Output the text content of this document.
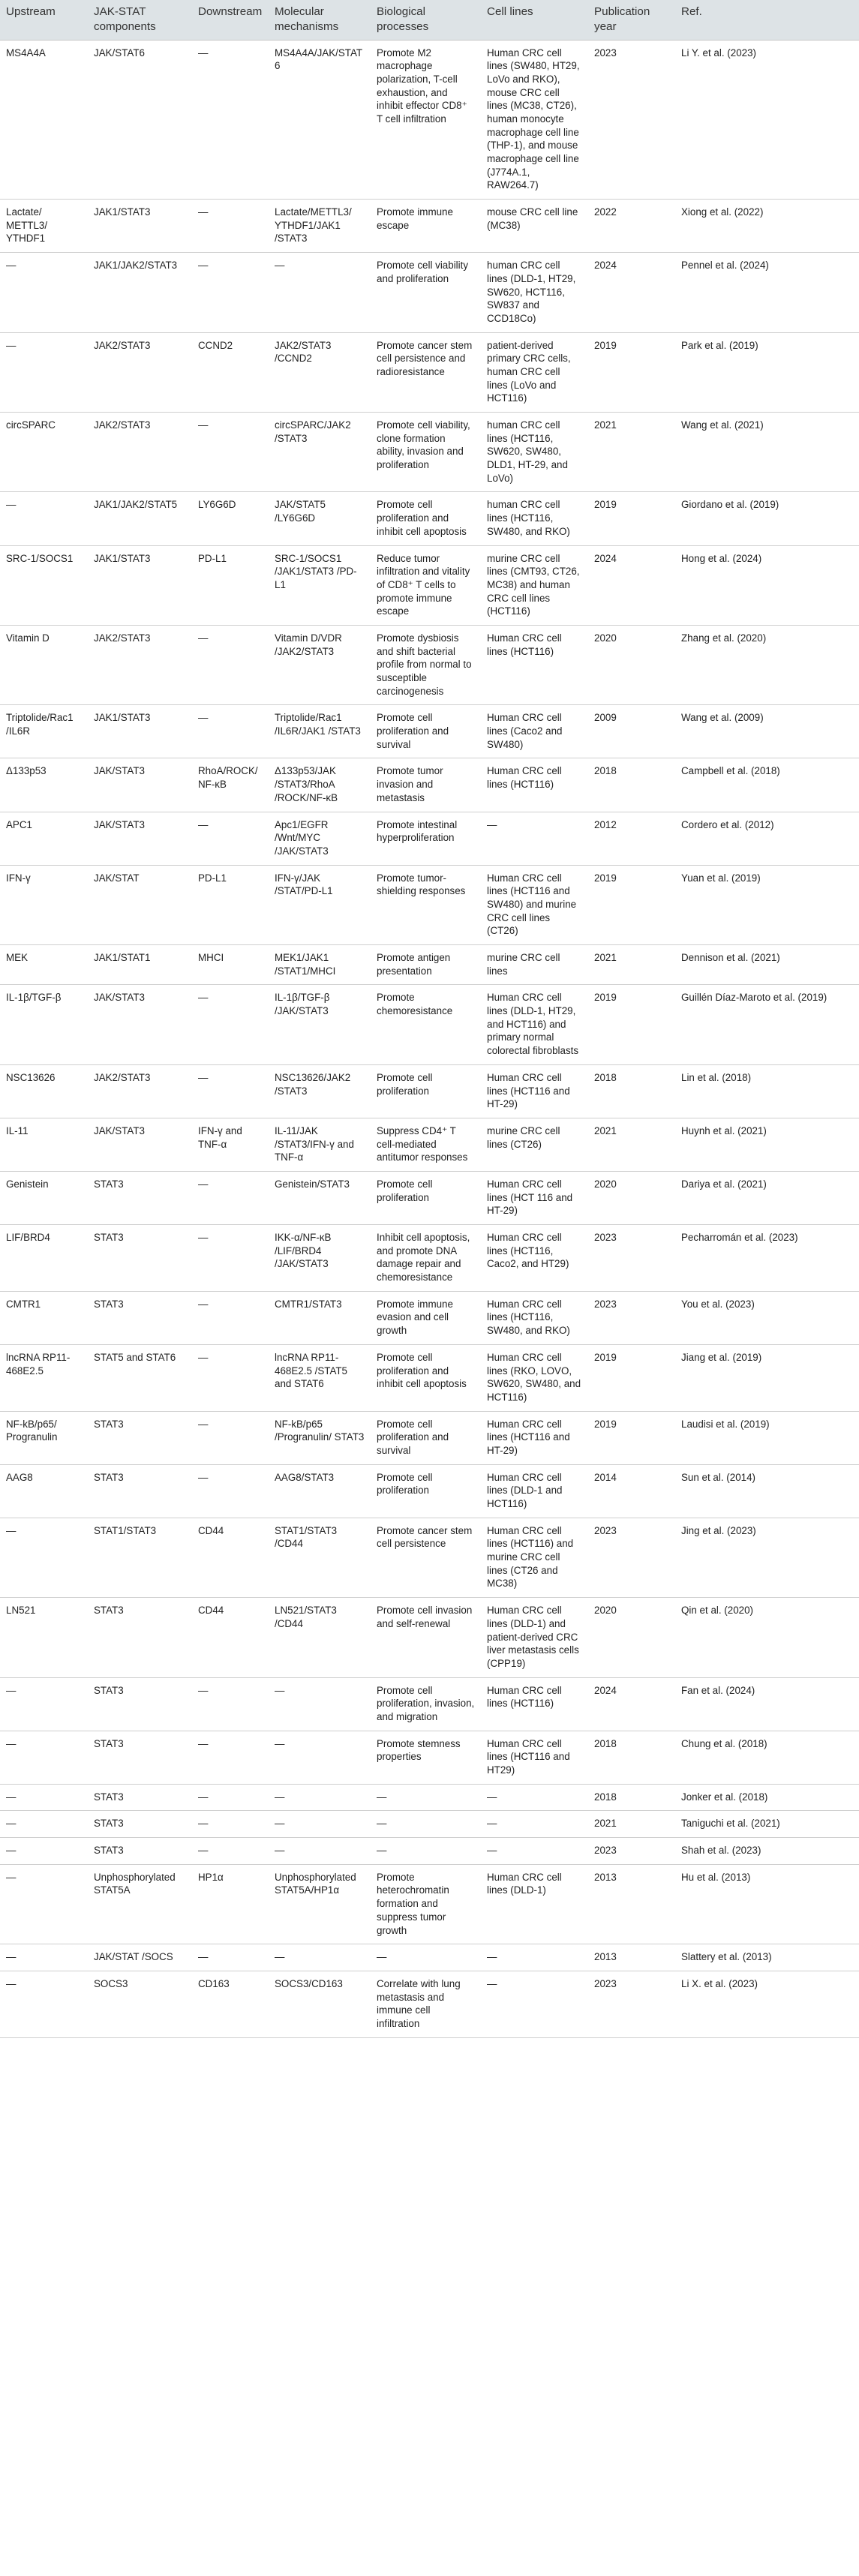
Upstream	JAK-STAT components	Downstream	Molecular mechanisms	Biological processes	Cell lines	Publication year	Ref.
MS4A4A	JAK/STAT6	—	MS4A4A/JAK/STAT6	Promote M2 macrophage polarization, T-cell exhaustion, and inhibit effector CD8⁺ T cell infiltration	Human CRC cell lines (SW480, HT29, LoVo and RKO), mouse CRC cell lines (MC38, CT26), human monocyte macrophage cell line (THP-1), and mouse macrophage cell line (J774A.1, RAW264.7)	2023	Li Y. et al. (2023)
Lactate/ METTL3/ YTHDF1	JAK1/STAT3	—	Lactate/METTL3/ YTHDF1/JAK1 /STAT3	Promote immune escape	mouse CRC cell line (MC38)	2022	Xiong et al. (2022)
—	JAK1/JAK2/STAT3	—	—	Promote cell viability and proliferation	human CRC cell lines (DLD-1, HT29, SW620, HCT116, SW837 and CCD18Co)	2024	Pennel et al. (2024)
—	JAK2/STAT3	CCND2	JAK2/STAT3 /CCND2	Promote cancer stem cell persistence and radioresistance	patient-derived primary CRC cells, human CRC cell lines (LoVo and HCT116)	2019	Park et al. (2019)
circSPARC	JAK2/STAT3	—	circSPARC/JAK2 /STAT3	Promote cell viability, clone formation ability, invasion and proliferation	human CRC cell lines (HCT116, SW620, SW480, DLD1, HT-29, and LoVo)	2021	Wang et al. (2021)
—	JAK1/JAK2/STAT5	LY6G6D	JAK/STAT5 /LY6G6D	Promote cell proliferation and inhibit cell apoptosis	human CRC cell lines (HCT116, SW480, and RKO)	2019	Giordano et al. (2019)
SRC-1/SOCS1	JAK1/STAT3	PD-L1	SRC-1/SOCS1 /JAK1/STAT3 /PD-L1	Reduce tumor infiltration and vitality of CD8⁺ T cells to promote immune escape	murine CRC cell lines (CMT93, CT26, MC38) and human CRC cell lines (HCT116)	2024	Hong et al. (2024)
Vitamin D	JAK2/STAT3	—	Vitamin D/VDR /JAK2/STAT3	Promote dysbiosis and shift bacterial profile from normal to susceptible carcinogenesis	Human CRC cell lines (HCT116)	2020	Zhang et al. (2020)
Triptolide/Rac1 /IL6R	JAK1/STAT3	—	Triptolide/Rac1 /IL6R/JAK1 /STAT3	Promote cell proliferation and survival	Human CRC cell lines (Caco2 and SW480)	2009	Wang et al. (2009)
Δ133p53	JAK/STAT3	RhoA/ROCK/ NF-κB	Δ133p53/JAK /STAT3/RhoA /ROCK/NF-κB	Promote tumor invasion and metastasis	Human CRC cell lines (HCT116)	2018	Campbell et al. (2018)
APC1	JAK/STAT3	—	Apc1/EGFR /Wnt/MYC /JAK/STAT3	Promote intestinal hyperproliferation	—	2012	Cordero et al. (2012)
IFN-γ	JAK/STAT	PD-L1	IFN-γ/JAK /STAT/PD-L1	Promote tumor-shielding responses	Human CRC cell lines (HCT116 and SW480) and murine CRC cell lines (CT26)	2019	Yuan et al. (2019)
MEK	JAK1/STAT1	MHCI	MEK1/JAK1 /STAT1/MHCI	Promote antigen presentation	murine CRC cell lines	2021	Dennison et al. (2021)
IL-1β/TGF-β	JAK/STAT3	—	IL-1β/TGF-β /JAK/STAT3	Promote chemoresistance	Human CRC cell lines (DLD-1, HT29, and HCT116) and primary normal colorectal fibroblasts	2019	Guillén Díaz-Maroto et al. (2019)
NSC13626	JAK2/STAT3	—	NSC13626/JAK2 /STAT3	Promote cell proliferation	Human CRC cell lines (HCT116 and HT-29)	2018	Lin et al. (2018)
IL-11	JAK/STAT3	IFN-γ and TNF-α	IL-11/JAK /STAT3/IFN-γ and TNF-α	Suppress CD4⁺ T cell-mediated antitumor responses	murine CRC cell lines (CT26)	2021	Huynh et al. (2021)
Genistein	STAT3	—	Genistein/STAT3	Promote cell proliferation	Human CRC cell lines (HCT 116 and HT-29)	2020	Dariya et al. (2021)
LIF/BRD4	STAT3	—	IKK-α/NF-κB /LIF/BRD4 /JAK/STAT3	Inhibit cell apoptosis, and promote DNA damage repair and chemoresistance	Human CRC cell lines (HCT116, Caco2, and HT29)	2023	Pecharromán et al. (2023)
CMTR1	STAT3	—	CMTR1/STAT3	Promote immune evasion and cell growth	Human CRC cell lines (HCT116, SW480, and RKO)	2023	You et al. (2023)
lncRNA RP11-468E2.5	STAT5 and STAT6	—	lncRNA RP11-468E2.5 /STAT5 and STAT6	Promote cell proliferation and inhibit cell apoptosis	Human CRC cell lines (RKO, LOVO, SW620, SW480, and HCT116)	2019	Jiang et al. (2019)
NF-kB/p65/ Progranulin	STAT3	—	NF-kB/p65 /Progranulin/ STAT3	Promote cell proliferation and survival	Human CRC cell lines (HCT116 and HT-29)	2019	Laudisi et al. (2019)
AAG8	STAT3	—	AAG8/STAT3	Promote cell proliferation	Human CRC cell lines (DLD-1 and HCT116)	2014	Sun et al. (2014)
—	STAT1/STAT3	CD44	STAT1/STAT3 /CD44	Promote cancer stem cell persistence	Human CRC cell lines (HCT116) and murine CRC cell lines (CT26 and MC38)	2023	Jing et al. (2023)
LN521	STAT3	CD44	LN521/STAT3 /CD44	Promote cell invasion and self-renewal	Human CRC cell lines (DLD-1) and patient-derived CRC liver metastasis cells (CPP19)	2020	Qin et al. (2020)
—	STAT3	—	—	Promote cell proliferation, invasion, and migration	Human CRC cell lines (HCT116)	2024	Fan et al. (2024)
—	STAT3	—	—	Promote stemness properties	Human CRC cell lines (HCT116 and HT29)	2018	Chung et al. (2018)
—	STAT3	—	—	—	—	2018	Jonker et al. (2018)
—	STAT3	—	—	—	—	2021	Taniguchi et al. (2021)
—	STAT3	—	—	—	—	2023	Shah et al. (2023)
—	Unphosphorylated STAT5A	HP1α	Unphosphorylated STAT5A/HP1α	Promote heterochromatin formation and suppress tumor growth	Human CRC cell lines (DLD-1)	2013	Hu et al. (2013)
—	JAK/STAT /SOCS	—	—	—	—	2013	Slattery et al. (2013)
—	SOCS3	CD163	SOCS3/CD163	Correlate with lung metastasis and immune cell infiltration	—	2023	Li X. et al. (2023)
